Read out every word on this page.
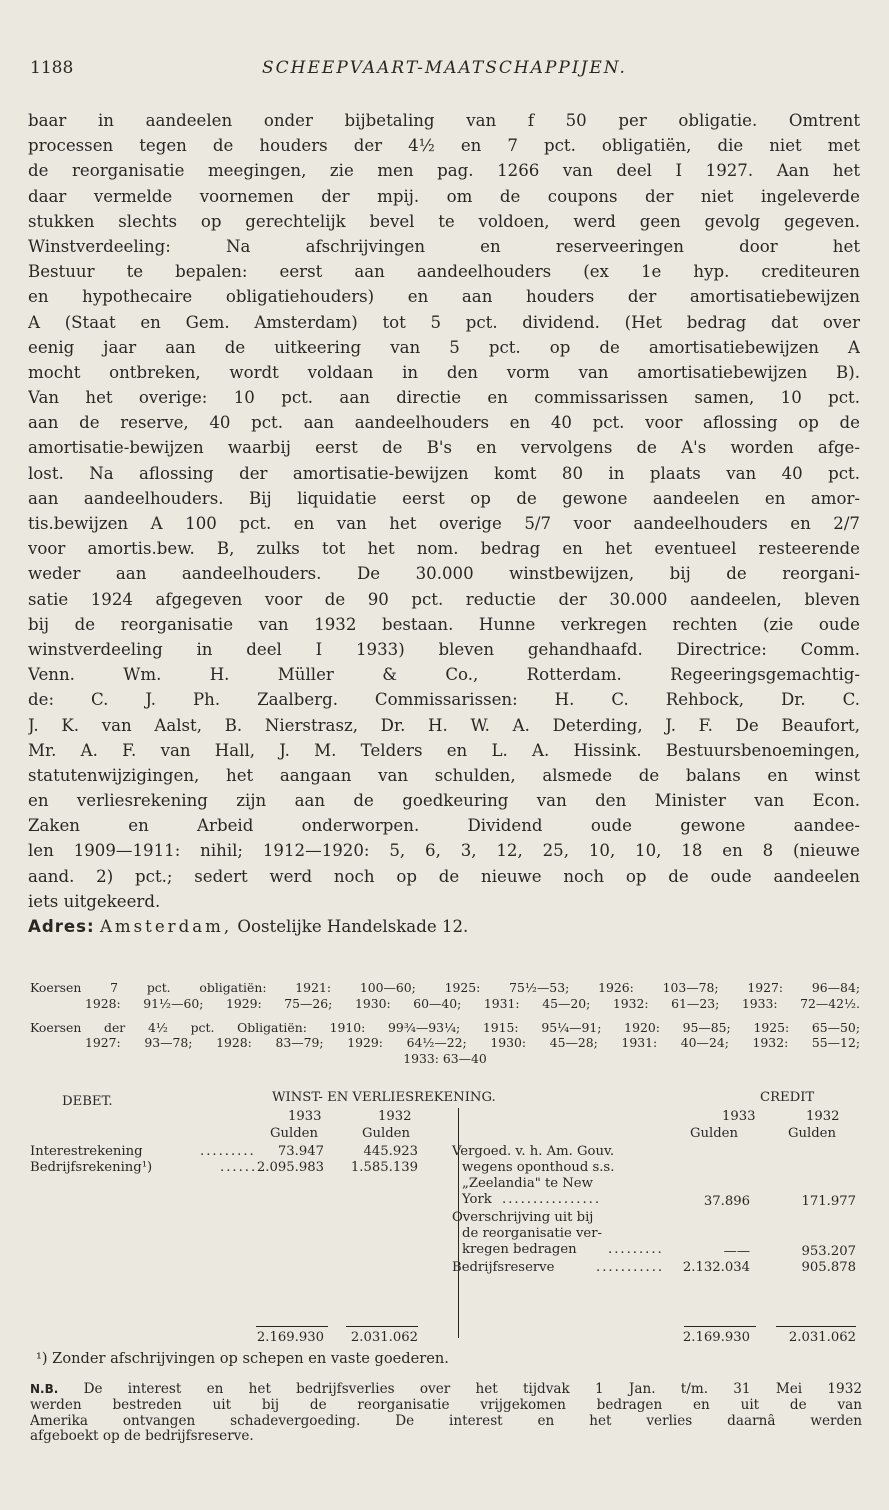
1188	SCHEEPVAART-MAATSCHAPPIJEN.
baar in aandeelen onder bijbetaling van f 50 per obligatie. Omtrent
processen tegen de houders der 4½ en 7 pct. obligatiën, die niet met
de reorganisatie meegingen, zie men pag. 1266 van deel I 1927. Aan het
daar vermelde voornemen der mpij. om de coupons der niet ingeleverde
stukken slechts op gerechtelijk bevel te voldoen, werd geen gevolg gegeven.
Winstverdeeling: Na afschrijvingen en reserveeringen door het
Bestuur te bepalen: eerst aan aandeelhouders (ex 1e hyp. crediteuren
en hypothecaire obligatiehouders) en aan houders der amortisatiebewijzen
A (Staat en Gem. Amsterdam) tot 5 pct. dividend. (Het bedrag dat over
eenig jaar aan de uitkeering van 5 pct. op de amortisatiebewijzen A
mocht ontbreken, wordt voldaan in den vorm van amortisatiebewijzen B).
Van het overige: 10 pct. aan directie en commissarissen samen, 10 pct.
aan de reserve, 40 pct. aan aandeelhouders en 40 pct. voor aflossing op de
amortisatie-bewijzen waarbij eerst de B's en vervolgens de A's worden afge-
lost. Na aflossing der amortisatie-bewijzen komt 80 in plaats van 40 pct.
aan aandeelhouders. Bij liquidatie eerst op de gewone aandeelen en amor-
tis.bewijzen A 100 pct. en van het overige 5/7 voor aandeelhouders en 2/7
voor amortis.bew. B, zulks tot het nom. bedrag en het eventueel resteerende
weder aan aandeelhouders. De 30.000 winstbewijzen, bij de reorgani-
satie 1924 afgegeven voor de 90 pct. reductie der 30.000 aandeelen, bleven
bij de reorganisatie van 1932 bestaan. Hunne verkregen rechten (zie oude
winstverdeeling in deel I 1933) bleven gehandhaafd. Directrice: Comm.
Venn. Wm. H. Müller & Co., Rotterdam. Regeeringsgemachtig-
de: C. J. Ph. Zaalberg. Commissarissen: H. C. Rehbock, Dr. C.
J. K. van Aalst, B. Nierstrasz, Dr. H. W. A. Deterding, J. F. De Beaufort,
Mr. A. F. van Hall, J. M. Telders en L. A. Hissink. Bestuursbenoemingen,
statutenwijzigingen, het aangaan van schulden, alsmede de balans en winst
en verliesrekening zijn aan de goedkeuring van den Minister van Econ.
Zaken en Arbeid onderworpen. Dividend oude gewone aandee-
len 1909—1911: nihil; 1912—1920: 5, 6, 3, 12, 25, 10, 10, 18 en 8 (nieuwe
aand. 2) pct.; sedert werd noch op de nieuwe noch op de oude aandeelen
iets uitgekeerd.
Adres: Amsterdam, Oostelijke Handelskade 12.
Koersen 7 pct. obligatiën: 1921: 100—60; 1925: 75½—53; 1926: 103—78; 1927: 96—84;
1928: 91½—60; 1929: 75—26; 1930: 60—40; 1931: 45—20; 1932: 61—23; 1933: 72—42½.
Koersen der 4½ pct. Obligatiën: 1910: 99¾—93¼; 1915: 95¼—91; 1920: 95—85; 1925: 65—50;
1927: 93—78; 1928: 83—79; 1929: 64½—22; 1930: 45—28; 1931: 40—24; 1932: 55—12;
1933: 63—40
DEBET.	WINST- EN VERLIESREKENING.	CREDIT
1933	1932	1933	1932
Gulden	Gulden	Gulden	Gulden
Interestrekening	.........	73.947	445.923
Bedrijfsrekening¹)	...... 2.095.983	1.585.139
Vergoed. v. h. Am. Gouv.
wegens oponthoud s.s.
„Zeelandia" te New
York ................	37.896	171.977
Overschrijving uit bij
de reorganisatie ver-
kregen bedragen .........	——	953.207
Bedrijfsreserve	...........	2.132.034	905.878
2.169.930	2.031.062	2.169.930	2.031.062
¹) Zonder afschrijvingen op schepen en vaste goederen.
N.B. De interest en het bedrijfsverlies over het tijdvak 1 Jan. t/m. 31 Mei 1932
werden bestreden uit bij de reorganisatie vrijgekomen bedragen en uit de van
Amerika ontvangen schadevergoeding. De interest en het verlies daarnâ werden
afgeboekt op de bedrijfsreserve.
